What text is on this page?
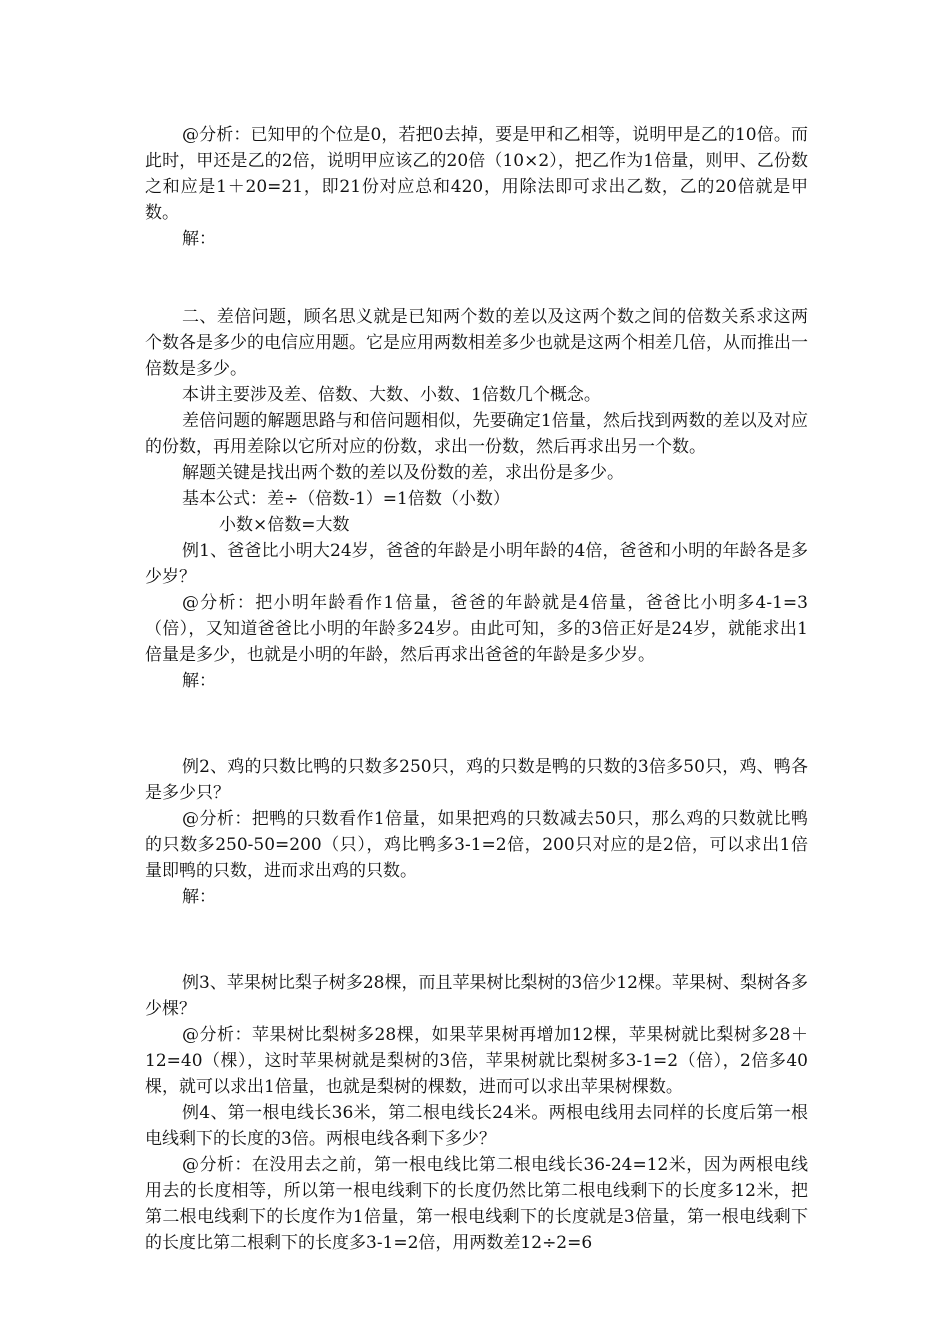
@分析：已知甲的个位是0，若把0去掉，要是甲和乙相等，说明甲是乙的10倍。而此时，甲还是乙的2倍，说明甲应该乙的20倍（10×2），把乙作为1倍量，则甲、乙份数之和应是1＋20=21，即21份对应总和420，用除法即可求出乙数，乙的20倍就是甲数。

解：

二、差倍问题，顾名思义就是已知两个数的差以及这两个数之间的倍数关系求这两个数各是多少的电信应用题。它是应用两数相差多少也就是这两个相差几倍，从而推出一倍数是多少。

本讲主要涉及差、倍数、大数、小数、1倍数几个概念。

差倍问题的解题思路与和倍问题相似，先要确定1倍量，然后找到两数的差以及对应的份数，再用差除以它所对应的份数，求出一份数，然后再求出另一个数。

解题关键是找出两个数的差以及份数的差，求出份是多少。

基本公式：差÷（倍数-1）=1倍数（小数）

小数×倍数=大数

例1、爸爸比小明大24岁，爸爸的年龄是小明年龄的4倍，爸爸和小明的年龄各是多少岁？

@分析：把小明年龄看作1倍量，爸爸的年龄就是4倍量，爸爸比小明多4-1=3（倍），又知道爸爸比小明的年龄多24岁。由此可知，多的3倍正好是24岁，就能求出1倍量是多少，也就是小明的年龄，然后再求出爸爸的年龄是多少岁。

解：

例2、鸡的只数比鸭的只数多250只，鸡的只数是鸭的只数的3倍多50只，鸡、鸭各是多少只？

@分析：把鸭的只数看作1倍量，如果把鸡的只数减去50只，那么鸡的只数就比鸭的只数多250-50=200（只），鸡比鸭多3-1=2倍，200只对应的是2倍，可以求出1倍量即鸭的只数，进而求出鸡的只数。

解：

例3、苹果树比梨子树多28棵，而且苹果树比梨树的3倍少12棵。苹果树、梨树各多少棵？

@分析：苹果树比梨树多28棵，如果苹果树再增加12棵，苹果树就比梨树多28＋12=40（棵），这时苹果树就是梨树的3倍，苹果树就比梨树多3-1=2（倍），2倍多40棵，就可以求出1倍量，也就是梨树的棵数，进而可以求出苹果树棵数。

例4、第一根电线长36米，第二根电线长24米。两根电线用去同样的长度后第一根电线剩下的长度的3倍。两根电线各剩下多少？

@分析：在没用去之前，第一根电线比第二根电线长36-24=12米，因为两根电线用去的长度相等，所以第一根电线剩下的长度仍然比第二根电线剩下的长度多12米，把第二根电线剩下的长度作为1倍量，第一根电线剩下的长度就是3倍量，第一根电线剩下的长度比第二根剩下的长度多3-1=2倍，用两数差12÷2=6
